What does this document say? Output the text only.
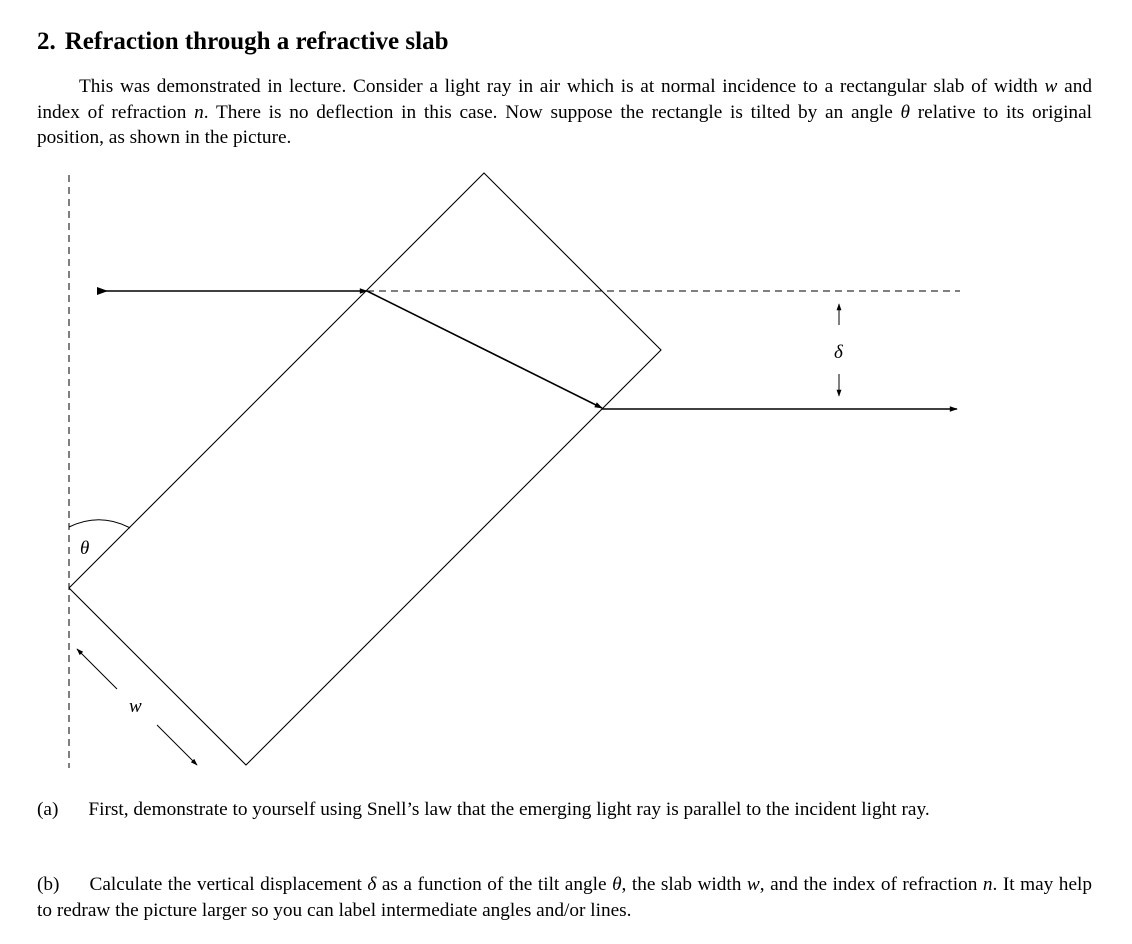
2. Refraction through a refractive slab

This was demonstrated in lecture. Consider a light ray in air which is at normal incidence to a rectangular slab of width w and index of refraction n. There is no deflection in this case. Now suppose the rectangle is tilted by an angle θ relative to its original position, as shown in the picture.

θ
w
δ

(a) First, demonstrate to yourself using Snell’s law that the emerging light ray is parallel to the incident light ray.

(b) Calculate the vertical displacement δ as a function of the tilt angle θ, the slab width w, and the index of refraction n. It may help to redraw the picture larger so you can label intermediate angles and/or lines.
